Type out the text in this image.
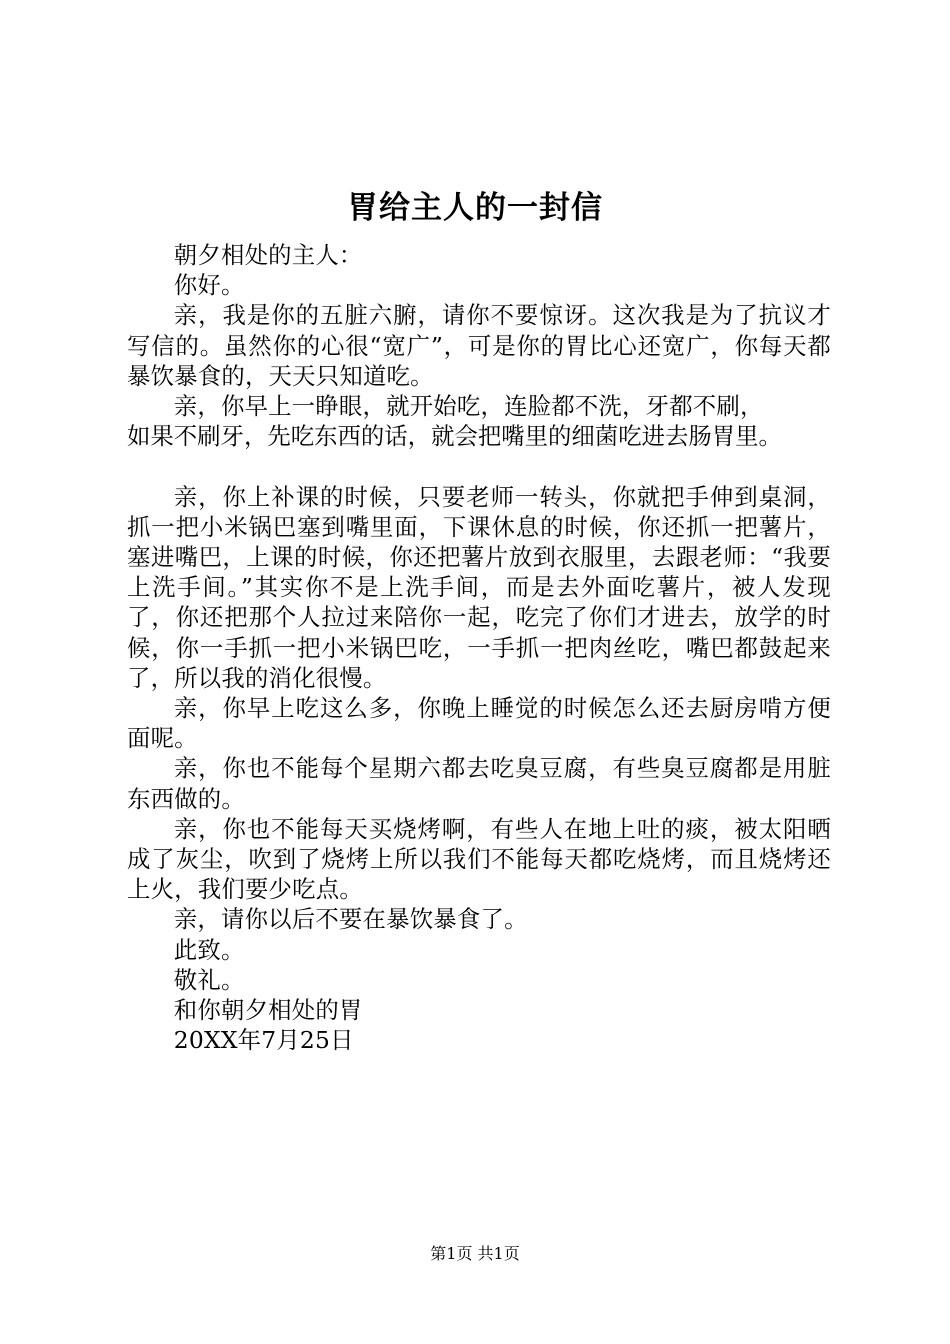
胃给主人的一封信

朝夕相处的主人：

你好。

亲，我是你的五脏六腑，请你不要惊讶。这次我是为了抗议才写信的。虽然你的心很“宽广”，可是你的胃比心还宽广，你每天都暴饮暴食的，天天只知道吃。

亲，你早上一睁眼，就开始吃，连脸都不洗，牙都不刷，

如果不刷牙，先吃东西的话，就会把嘴里的细菌吃进去肠胃里。

亲，你上补课的时候，只要老师一转头，你就把手伸到桌洞，抓一把小米锅巴塞到嘴里面，下课休息的时候，你还抓一把薯片，塞进嘴巴，上课的时候，你还把薯片放到衣服里，去跟老师：“我要上洗手间。”其实你不是上洗手间，而是去外面吃薯片，被人发现了，你还把那个人拉过来陪你一起，吃完了你们才进去，放学的时候，你一手抓一把小米锅巴吃，一手抓一把肉丝吃，嘴巴都鼓起来了，所以我的消化很慢。

亲，你早上吃这么多，你晚上睡觉的时候怎么还去厨房啃方便面呢。

亲，你也不能每个星期六都去吃臭豆腐，有些臭豆腐都是用脏东西做的。

亲，你也不能每天买烧烤啊，有些人在地上吐的痰，被太阳晒成了灰尘，吹到了烧烤上所以我们不能每天都吃烧烤，而且烧烤还上火，我们要少吃点。

亲，请你以后不要在暴饮暴食了。

此致。

敬礼。

和你朝夕相处的胃

20XX年7月25日

第1页 共1页
